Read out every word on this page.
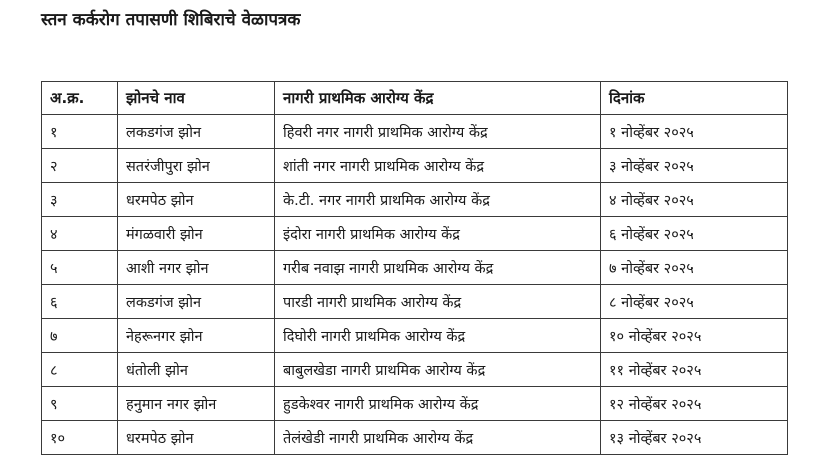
स्तन कर्करोग तपासणी शिबिराचे वेळापत्रक
अ.क्र.	झोनचे नाव	नागरी प्राथमिक आरोग्य केंद्र	दिनांक
१	लकडगंज झोन	हिवरी नगर नागरी प्राथमिक आरोग्य केंद्र	१ नोव्हेंबर २०२५
२	सतरंजीपुरा झोन	शांती नगर नागरी प्राथमिक आरोग्य केंद्र	३ नोव्हेंबर २०२५
३	धरमपेठ झोन	के.टी. नगर नागरी प्राथमिक आरोग्य केंद्र	४ नोव्हेंबर २०२५
४	मंगळवारी झोन	इंदोरा नागरी प्राथमिक आरोग्य केंद्र	६ नोव्हेंबर २०२५
५	आशी नगर झोन	गरीब नवाझ नागरी प्राथमिक आरोग्य केंद्र	७ नोव्हेंबर २०२५
६	लकडगंज झोन	पारडी नागरी प्राथमिक आरोग्य केंद्र	८ नोव्हेंबर २०२५
७	नेहरूनगर झोन	दिघोरी नागरी प्राथमिक आरोग्य केंद्र	१० नोव्हेंबर २०२५
८	धंतोली झोन	बाबुलखेडा नागरी प्राथमिक आरोग्य केंद्र	११ नोव्हेंबर २०२५
९	हनुमान नगर झोन	हुडकेश्वर नागरी प्राथमिक आरोग्य केंद्र	१२ नोव्हेंबर २०२५
१०	धरमपेठ झोन	तेलंखेडी नागरी प्राथमिक आरोग्य केंद्र	१३ नोव्हेंबर २०२५
